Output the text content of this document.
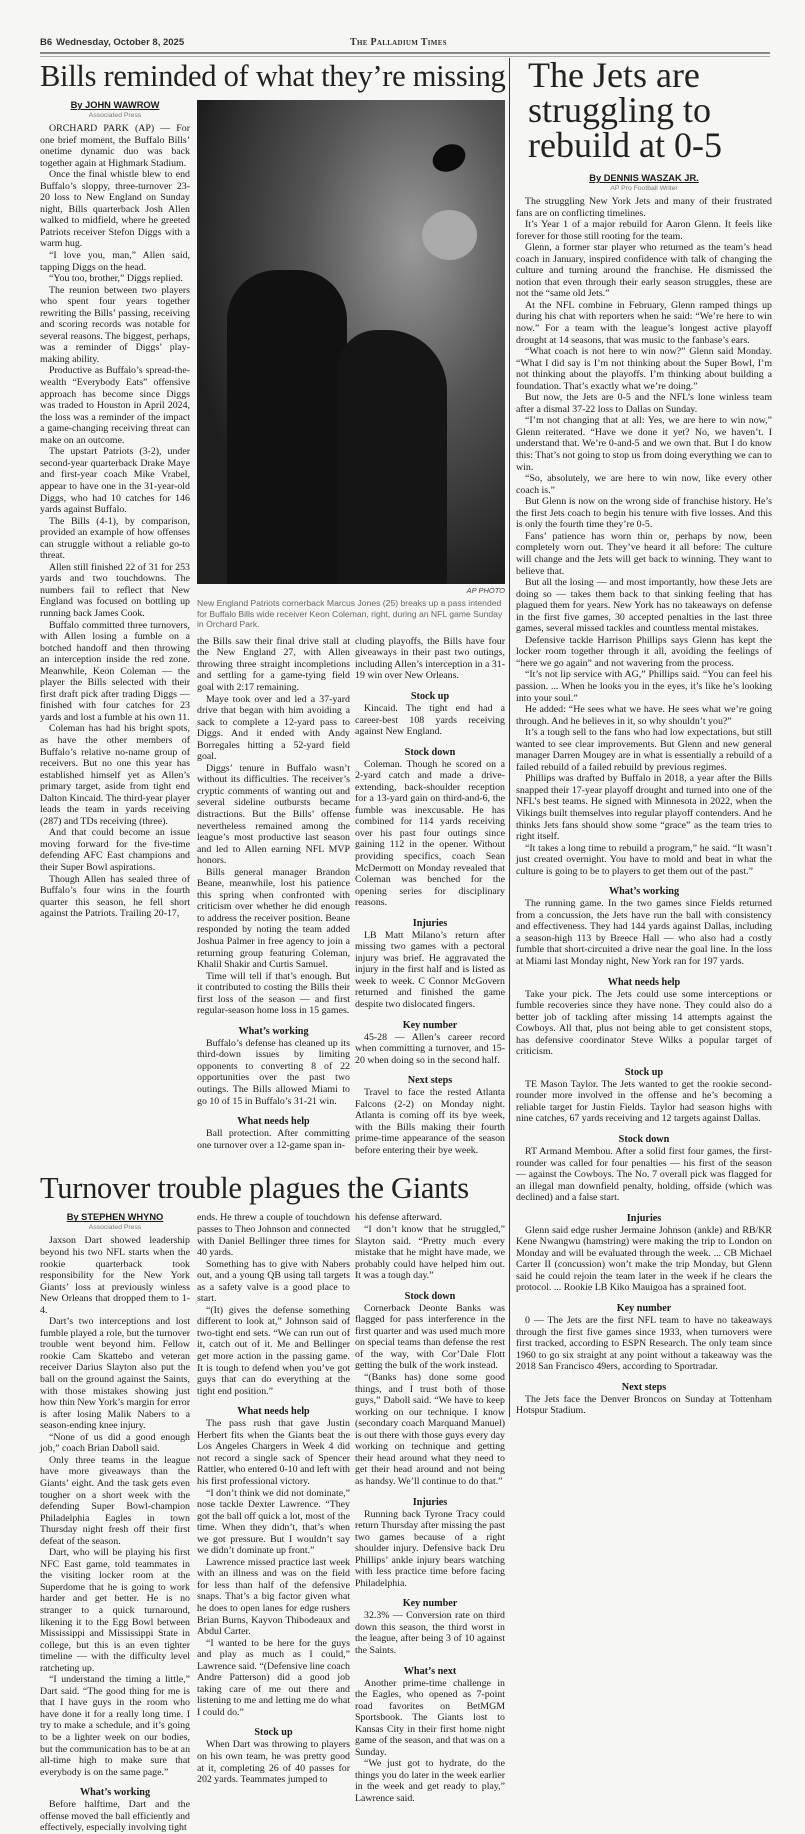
B6 Wednesday, October 8, 2025	The Palladium Times
Bills reminded of what they’re missing
By JOHN WAWROW
Associated Press

ORCHARD PARK (AP) — For one brief moment, the Buffalo Bills’ onetime dynamic duo was back together again at Highmark Stadium.

Once the final whistle blew to end Buffalo’s sloppy, three-turnover 23-20 loss to New England on Sunday night, Bills quarterback Josh Allen walked to midfield, where he greeted Patriots receiver Stefon Diggs with a warm hug.

“I love you, man,” Allen said, tapping Diggs on the head.

“You too, brother,” Diggs replied.

The reunion between two players who spent four years together rewriting the Bills’ passing, receiving and scoring records was notable for several reasons. The biggest, perhaps, was a reminder of Diggs’ play-making ability.

Productive as Buffalo’s spread-the-wealth “Everybody Eats” offensive approach has become since Diggs was traded to Houston in April 2024, the loss was a reminder of the impact a game-changing receiving threat can make on an outcome.

The upstart Patriots (3-2), under second-year quarterback Drake Maye and first-year coach Mike Vrabel, appear to have one in the 31-year-old Diggs, who had 10 catches for 146 yards against Buffalo.

The Bills (4-1), by comparison, provided an example of how offenses can struggle without a reliable go-to threat.

Allen still finished 22 of 31 for 253 yards and two touchdowns. The numbers fail to reflect that New England was focused on bottling up running back James Cook.

Buffalo committed three turnovers, with Allen losing a fumble on a botched handoff and then throwing an interception inside the red zone. Meanwhile, Keon Coleman — the player the Bills selected with their first draft pick after trading Diggs — finished with four catches for 23 yards and lost a fumble at his own 11.

Coleman has had his bright spots, as have the other members of Buffalo’s relative no-name group of receivers. But no one this year has established himself yet as Allen’s primary target, aside from tight end Dalton Kincaid. The third-year player leads the team in yards receiving (287) and TDs receiving (three).

And that could become an issue moving forward for the five-time defending AFC East champions and their Super Bowl aspirations.

Though Allen has sealed three of Buffalo’s four wins in the fourth quarter this season, he fell short against the Patriots. Trailing 20-17,

AP PHOTO
New England Patriots cornerback Marcus Jones (25) breaks up a pass intended for Buffalo Bills wide receiver Keon Coleman, right, during an NFL game Sunday in Orchard Park.

the Bills saw their final drive stall at the New England 27, with Allen throwing three straight incompletions and settling for a game-tying field goal with 2:17 remaining.

Maye took over and led a 37-yard drive that began with him avoiding a sack to complete a 12-yard pass to Diggs. And it ended with Andy Borregales hitting a 52-yard field goal.

Diggs’ tenure in Buffalo wasn’t without its difficulties. The receiver’s cryptic comments of wanting out and several sideline outbursts became distractions. But the Bills’ offense nevertheless remained among the league’s most productive last season and led to Allen earning NFL MVP honors.

Bills general manager Brandon Beane, meanwhile, lost his patience this spring when confronted with criticism over whether he did enough to address the receiver position. Beane responded by noting the team added Joshua Palmer in free agency to join a returning group featuring Coleman, Khalil Shakir and Curtis Samuel.

Time will tell if that’s enough. But it contributed to costing the Bills their first loss of the season — and first regular-season home loss in 15 games.

What’s working

Buffalo’s defense has cleaned up its third-down issues by limiting opponents to converting 8 of 22 opportunities over the past two outings. The Bills allowed Miami to go 10 of 15 in Buffalo’s 31-21 win.

What needs help

Ball protection. After committing one turnover over a 12-game span in-

cluding playoffs, the Bills have four giveaways in their past two outings, including Allen’s interception in a 31-19 win over New Orleans.

Stock up

Kincaid. The tight end had a career-best 108 yards receiving against New England.

Stock down

Coleman. Though he scored on a 2-yard catch and made a drive-extending, back-shoulder reception for a 13-yard gain on third-and-6, the fumble was inexcusable. He has combined for 114 yards receiving over his past four outings since gaining 112 in the opener. Without providing specifics, coach Sean McDermott on Monday revealed that Coleman was benched for the opening series for disciplinary reasons.

Injuries

LB Matt Milano’s return after missing two games with a pectoral injury was brief. He aggravated the injury in the first half and is listed as week to week. C Connor McGovern returned and finished the game despite two dislocated fingers.

Key number

45-28 — Allen’s career record when committing a turnover, and 15-20 when doing so in the second half.

Next steps

Travel to face the rested Atlanta Falcons (2-2) on Monday night. Atlanta is coming off its bye week, with the Bills making their fourth prime-time appearance of the season before entering their bye week.

Turnover trouble plagues the Giants
By STEPHEN WHYNO
Associated Press

Jaxson Dart showed leadership beyond his two NFL starts when the rookie quarterback took responsibility for the New York Giants’ loss at previously winless New Orleans that dropped them to 1-4.

Dart’s two interceptions and lost fumble played a role, but the turnover trouble went beyond him. Fellow rookie Cam Skattebo and veteran receiver Darius Slayton also put the ball on the ground against the Saints, with those mistakes showing just how thin New York’s margin for error is after losing Malik Nabers to a season-ending knee injury.

“None of us did a good enough job,” coach Brian Daboll said.

Only three teams in the league have more giveaways than the Giants’ eight. And the task gets even tougher on a short week with the defending Super Bowl-champion Philadelphia Eagles in town Thursday night fresh off their first defeat of the season.

Dart, who will be playing his first NFC East game, told teammates in the visiting locker room at the Superdome that he is going to work harder and get better. He is no stranger to a quick turnaround, likening it to the Egg Bowl between Mississippi and Mississippi State in college, but this is an even tighter timeline — with the difficulty level ratcheting up.

“I understand the timing a little,” Dart said. “The good thing for me is that I have guys in the room who have done it for a really long time. I try to make a schedule, and it’s going to be a lighter week on our bodies, but the communication has to be at an all-time high to make sure that everybody is on the same page.”

What’s working

Before halftime, Dart and the offense moved the ball efficiently and effectively, especially involving tight

ends. He threw a couple of touchdown passes to Theo Johnson and connected with Daniel Bellinger three times for 40 yards.

Something has to give with Nabers out, and a young QB using tall targets as a safety valve is a good place to start.

“(It) gives the defense something different to look at,” Johnson said of two-tight end sets. “We can run out of it, catch out of it. Me and Bellinger get more action in the passing game. It is tough to defend when you’ve got guys that can do everything at the tight end position.”

What needs help

The pass rush that gave Justin Herbert fits when the Giants beat the Los Angeles Chargers in Week 4 did not record a single sack of Spencer Rattler, who entered 0-10 and left with his first professional victory.

“I don’t think we did not dominate,” nose tackle Dexter Lawrence. “They got the ball off quick a lot, most of the time. When they didn’t, that’s when we got pressure. But I wouldn’t say we didn’t dominate up front.”

Lawrence missed practice last week with an illness and was on the field for less than half of the defensive snaps. That’s a big factor given what he does to open lanes for edge rushers Brian Burns, Kayvon Thibodeaux and Abdul Carter.

“I wanted to be here for the guys and play as much as I could,” Lawrence said. “(Defensive line coach Andre Patterson) did a good job taking care of me out there and listening to me and letting me do what I could do.”

Stock up

When Dart was throwing to players on his own team, he was pretty good at it, completing 26 of 40 passes for 202 yards. Teammates jumped to

his defense afterward.

“I don’t know that he struggled,” Slayton said. “Pretty much every mistake that he might have made, we probably could have helped him out. It was a tough day.”

Stock down

Cornerback Deonte Banks was flagged for pass interference in the first quarter and was used much more on special teams than defense the rest of the way, with Cor’Dale Flott getting the bulk of the work instead.

“(Banks has) done some good things, and I trust both of those guys,” Daboll said. “We have to keep working on our technique. I know (secondary coach Marquand Manuel) is out there with those guys every day working on technique and getting their head around what they need to get their head around and not being as handsy. We’ll continue to do that.”

Injuries

Running back Tyrone Tracy could return Thursday after missing the past two games because of a right shoulder injury. Defensive back Dru Phillips’ ankle injury bears watching with less practice time before facing Philadelphia.

Key number

32.3% — Conversion rate on third down this season, the third worst in the league, after being 3 of 10 against the Saints.

What’s next

Another prime-time challenge in the Eagles, who opened as 7-point road favorites on BetMGM Sportsbook. The Giants lost to Kansas City in their first home night game of the season, and that was on a Sunday.

“We just got to hydrate, do the things you do later in the week earlier in the week and get ready to play,” Lawrence said.

The Jets are struggling to rebuild at 0-5
By DENNIS WASZAK JR.
AP Pro Football Writer

The struggling New York Jets and many of their frustrated fans are on conflicting timelines.

It’s Year 1 of a major rebuild for Aaron Glenn. It feels like forever for those still rooting for the team.

Glenn, a former star player who returned as the team’s head coach in January, inspired confidence with talk of changing the culture and turning around the franchise. He dismissed the notion that even through their early season struggles, these are not the “same old Jets.”

At the NFL combine in February, Glenn ramped things up during his chat with reporters when he said: “We’re here to win now.” For a team with the league’s longest active playoff drought at 14 seasons, that was music to the fanbase’s ears.

“What coach is not here to win now?” Glenn said Monday. “What I did say is I’m not thinking about the Super Bowl, I’m not thinking about the playoffs. I’m thinking about building a foundation. That’s exactly what we’re doing.”

But now, the Jets are 0-5 and the NFL’s lone winless team after a dismal 37-22 loss to Dallas on Sunday.

“I’m not changing that at all: Yes, we are here to win now,” Glenn reiterated. “Have we done it yet? No, we haven’t. I understand that. We’re 0-and-5 and we own that. But I do know this: That’s not going to stop us from doing everything we can to win.

“So, absolutely, we are here to win now, like every other coach is.”

But Glenn is now on the wrong side of franchise history. He’s the first Jets coach to begin his tenure with five losses. And this is only the fourth time they’re 0-5.

Fans’ patience has worn thin or, perhaps by now, been completely worn out. They’ve heard it all before: The culture will change and the Jets will get back to winning. They want to believe that.

But all the losing — and most importantly, how these Jets are doing so — takes them back to that sinking feeling that has plagued them for years. New York has no takeaways on defense in the first five games, 30 accepted penalties in the last three games, several missed tackles and countless mental mistakes.

Defensive tackle Harrison Phillips says Glenn has kept the locker room together through it all, avoiding the feelings of “here we go again” and not wavering from the process.

“It’s not lip service with AG,” Phillips said. “You can feel his passion. ... When he looks you in the eyes, it’s like he’s looking into your soul.”

He added: “He sees what we have. He sees what we’re going through. And he believes in it, so why shouldn’t you?”

It’s a tough sell to the fans who had low expectations, but still wanted to see clear improvements. But Glenn and new general manager Darren Mougey are in what is essentially a rebuild of a failed rebuild of a failed rebuild by previous regimes.

Phillips was drafted by Buffalo in 2018, a year after the Bills snapped their 17-year playoff drought and turned into one of the NFL’s best teams. He signed with Minnesota in 2022, when the Vikings built themselves into regular playoff contenders. And he thinks Jets fans should show some “grace” as the team tries to right itself.

“It takes a long time to rebuild a program,” he said. “It wasn’t just created overnight. You have to mold and beat in what the culture is going to be to players to get them out of the past.”

What’s working

The running game. In the two games since Fields returned from a concussion, the Jets have run the ball with consistency and effectiveness. They had 144 yards against Dallas, including a season-high 113 by Breece Hall — who also had a costly fumble that short-circuited a drive near the goal line. In the loss at Miami last Monday night, New York ran for 197 yards.

What needs help

Take your pick. The Jets could use some interceptions or fumble recoveries since they have none. They could also do a better job of tackling after missing 14 attempts against the Cowboys. All that, plus not being able to get consistent stops, has defensive coordinator Steve Wilks a popular target of criticism.

Stock up

TE Mason Taylor. The Jets wanted to get the rookie second-rounder more involved in the offense and he’s becoming a reliable target for Justin Fields. Taylor had season highs with nine catches, 67 yards receiving and 12 targets against Dallas.

Stock down

RT Armand Membou. After a solid first four games, the first-rounder was called for four penalties — his first of the season — against the Cowboys. The No. 7 overall pick was flagged for an illegal man downfield penalty, holding, offside (which was declined) and a false start.

Injuries

Glenn said edge rusher Jermaine Johnson (ankle) and RB/KR Kene Nwangwu (hamstring) were making the trip to London on Monday and will be evaluated through the week. ... CB Michael Carter II (concussion) won’t make the trip Monday, but Glenn said he could rejoin the team later in the week if he clears the protocol. ... Rookie LB Kiko Mauigoa has a sprained foot.

Key number

0 — The Jets are the first NFL team to have no takeaways through the first five games since 1933, when turnovers were first tracked, according to ESPN Research. The only team since 1960 to go six straight at any point without a takeaway was the 2018 San Francisco 49ers, according to Sportradar.

Next steps

The Jets face the Denver Broncos on Sunday at Tottenham Hotspur Stadium.
